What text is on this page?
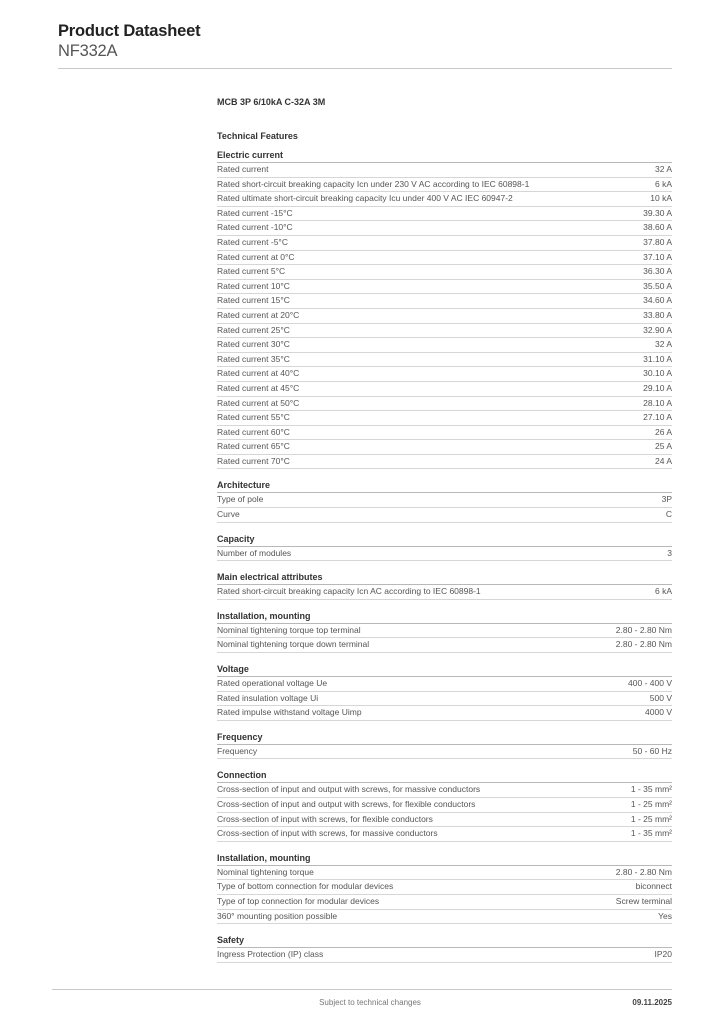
Product Datasheet
NF332A
MCB 3P 6/10kA C-32A 3M
Technical Features
Electric current
Rated current	32 A
Rated short-circuit breaking capacity Icn under 230 V AC according to IEC 60898-1	6 kA
Rated ultimate short-circuit breaking capacity Icu under 400 V AC IEC 60947-2	10 kA
Rated current -15°C	39.30 A
Rated current -10°C	38.60 A
Rated current -5°C	37.80 A
Rated current at 0°C	37.10 A
Rated current 5°C	36.30 A
Rated current 10°C	35.50 A
Rated current 15°C	34.60 A
Rated current at 20°C	33.80 A
Rated current 25°C	32.90 A
Rated current 30°C	32 A
Rated current 35°C	31.10 A
Rated current at 40°C	30.10 A
Rated current at 45°C	29.10 A
Rated current at 50°C	28.10 A
Rated current 55°C	27.10 A
Rated current 60°C	26 A
Rated current 65°C	25 A
Rated current 70°C	24 A
Architecture
Type of pole	3P
Curve	C
Capacity
Number of modules	3
Main electrical attributes
Rated short-circuit breaking capacity Icn AC according to IEC 60898-1	6 kA
Installation, mounting
Nominal tightening torque top terminal	2.80 - 2.80 Nm
Nominal tightening torque down terminal	2.80 - 2.80 Nm
Voltage
Rated operational voltage Ue	400 - 400 V
Rated insulation voltage Ui	500 V
Rated impulse withstand voltage Uimp	4000 V
Frequency
Frequency	50 - 60 Hz
Connection
Cross-section of input and output with screws, for massive conductors	1 - 35 mm²
Cross-section of input and output with screws, for flexible conductors	1 - 25 mm²
Cross-section of input with screws, for flexible conductors	1 - 25 mm²
Cross-section of input with screws, for massive conductors	1 - 35 mm²
Installation, mounting
Nominal tightening torque	2.80 - 2.80 Nm
Type of bottom connection for modular devices	biconnect
Type of top connection for modular devices	Screw terminal
360° mounting position possible	Yes
Safety
Ingress Protection (IP) class	IP20
Subject to technical changes	09.11.2025
